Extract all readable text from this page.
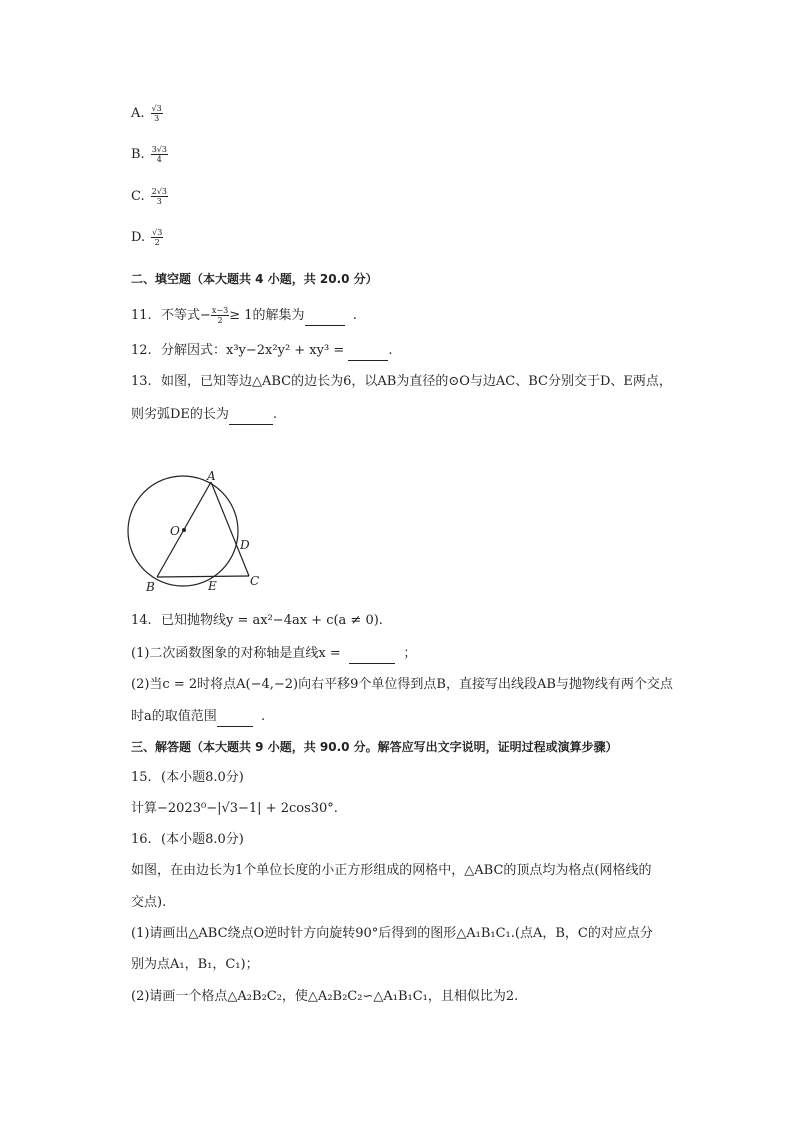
A. $\frac{√3}{3}$
B. $\frac{3√3}{4}$
C. $\frac{2√3}{3}$
D. $\frac{√3}{2}$
二、填空题（本大题共 4 小题，共 20.0 分）
11. 不等式− $\frac{x-3}{2} \ge 1$的解集为	.
12. 分解因式：x³y−2x²y² + xy³ =	.
13. 如图，已知等边△ABC的边长为6，以AB为直径的⊙O与边AC、BC分别交于D、E两点，
则劣弧DE的长为	.
A
O
D
B	E	C
14. 已知抛物线y = ax²−4ax + c(a ≠ 0).
(1)二次函数图象的对称轴是直线x =	；
(2)当c = 2时将点A(−4,−2)向右平移9个单位得到点B，直接写出线段AB与抛物线有两个交点
时a的取值范围	.
三、解答题（本大题共 9 小题，共 90.0 分。解答应写出文字说明，证明过程或演算步骤）
15. (本小题8.0分)
计算−2023⁰−|√3−1| + 2cos30°.
16. (本小题8.0分)
如图，在由边长为1个单位长度的小正方形组成的网格中，△ABC的顶点均为格点(网格线的
交点).
(1)请画出△ABC绕点O逆时针方向旋转90°后得到的图形△A₁B₁C₁.(点A，B，C的对应点分
别为点A₁，B₁，C₁)；
(2)请画一个格点△A₂B₂C₂，使△A₂B₂C₂∽△A₁B₁C₁，且相似比为2.
